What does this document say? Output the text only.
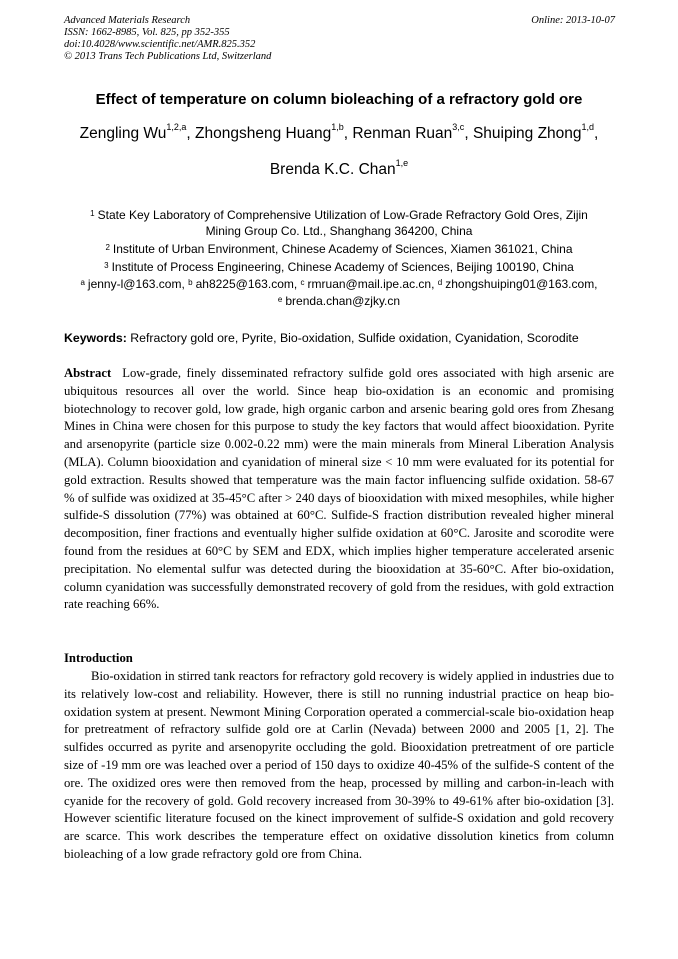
Advanced Materials Research
ISSN: 1662-8985, Vol. 825, pp 352-355
doi:10.4028/www.scientific.net/AMR.825.352
© 2013 Trans Tech Publications Ltd, Switzerland
Online: 2013-10-07
Effect of temperature on column bioleaching of a refractory gold ore
Zengling Wu$^{1,2,a}$, Zhongsheng Huang$^{1,b}$, Renman Ruan$^{3,c}$, Shuiping Zhong$^{1,d}$,
Brenda K.C. Chan$^{1,e}$
$^1$ State Key Laboratory of Comprehensive Utilization of Low-Grade Refractory Gold Ores, Zijin
Mining Group Co. Ltd., Shanghang 364200, China
$^2$ Institute of Urban Environment, Chinese Academy of Sciences, Xiamen 361021, China
$^3$ Institute of Process Engineering, Chinese Academy of Sciences, Beijing 100190, China
$^a$ jenny-l@163.com, $^b$ ah8225@163.com, $^c$ rmruan@mail.ipe.ac.cn, $^d$ zhongshuiping01@163.com,
$^e$ brenda.chan@zjky.cn
Keywords: Refractory gold ore, Pyrite, Bio-oxidation, Sulfide oxidation, Cyanidation, Scorodite

Abstract Low-grade, finely disseminated refractory sulfide gold ores associated with high arsenic are ubiquitous resources all over the world. Since heap bio-oxidation is an economic and promising biotechnology to recover gold, low grade, high organic carbon and arsenic bearing gold ores from Zhesang Mines in China were chosen for this purpose to study the key factors that would affect biooxidation. Pyrite and arsenopyrite (particle size 0.002-0.22 mm) were the main minerals from Mineral Liberation Analysis (MLA). Column biooxidation and cyanidation of mineral size < 10 mm were evaluated for its potential for gold extraction. Results showed that temperature was the main factor influencing sulfide oxidation. 58-67 % of sulfide was oxidized at 35-45°C after > 240 days of biooxidation with mixed mesophiles, while higher sulfide-S dissolution (77%) was obtained at 60°C. Sulfide-S fraction distribution revealed higher mineral decomposition, finer fractions and eventually higher sulfide oxidation at 60°C. Jarosite and scorodite were found from the residues at 60°C by SEM and EDX, which implies higher temperature accelerated arsenic precipitation. No elemental sulfur was detected during the biooxidation at 35-60°C. After bio-oxidation, column cyanidation was successfully demonstrated recovery of gold from the residues, with gold extraction rate reaching 66%.

Introduction

Bio-oxidation in stirred tank reactors for refractory gold recovery is widely applied in industries due to its relatively low-cost and reliability. However, there is still no running industrial practice on heap bio-oxidation system at present. Newmont Mining Corporation operated a commercial-scale bio-oxidation heap for pretreatment of refractory sulfide gold ore at Carlin (Nevada) between 2000 and 2005 [1, 2]. The sulfides occurred as pyrite and arsenopyrite occluding the gold. Biooxidation pretreatment of ore particle size of -19 mm ore was leached over a period of 150 days to oxidize 40-45% of the sulfide-S content of the ore. The oxidized ores were then removed from the heap, processed by milling and carbon-in-leach with cyanide for the recovery of gold. Gold recovery increased from 30-39% to 49-61% after bio-oxidation [3]. However scientific literature focused on the kinect improvement of sulfide-S oxidation and gold recovery are scarce. This work describes the temperature effect on oxidative dissolution kinetics from column bioleaching of a low grade refractory gold ore from China.
